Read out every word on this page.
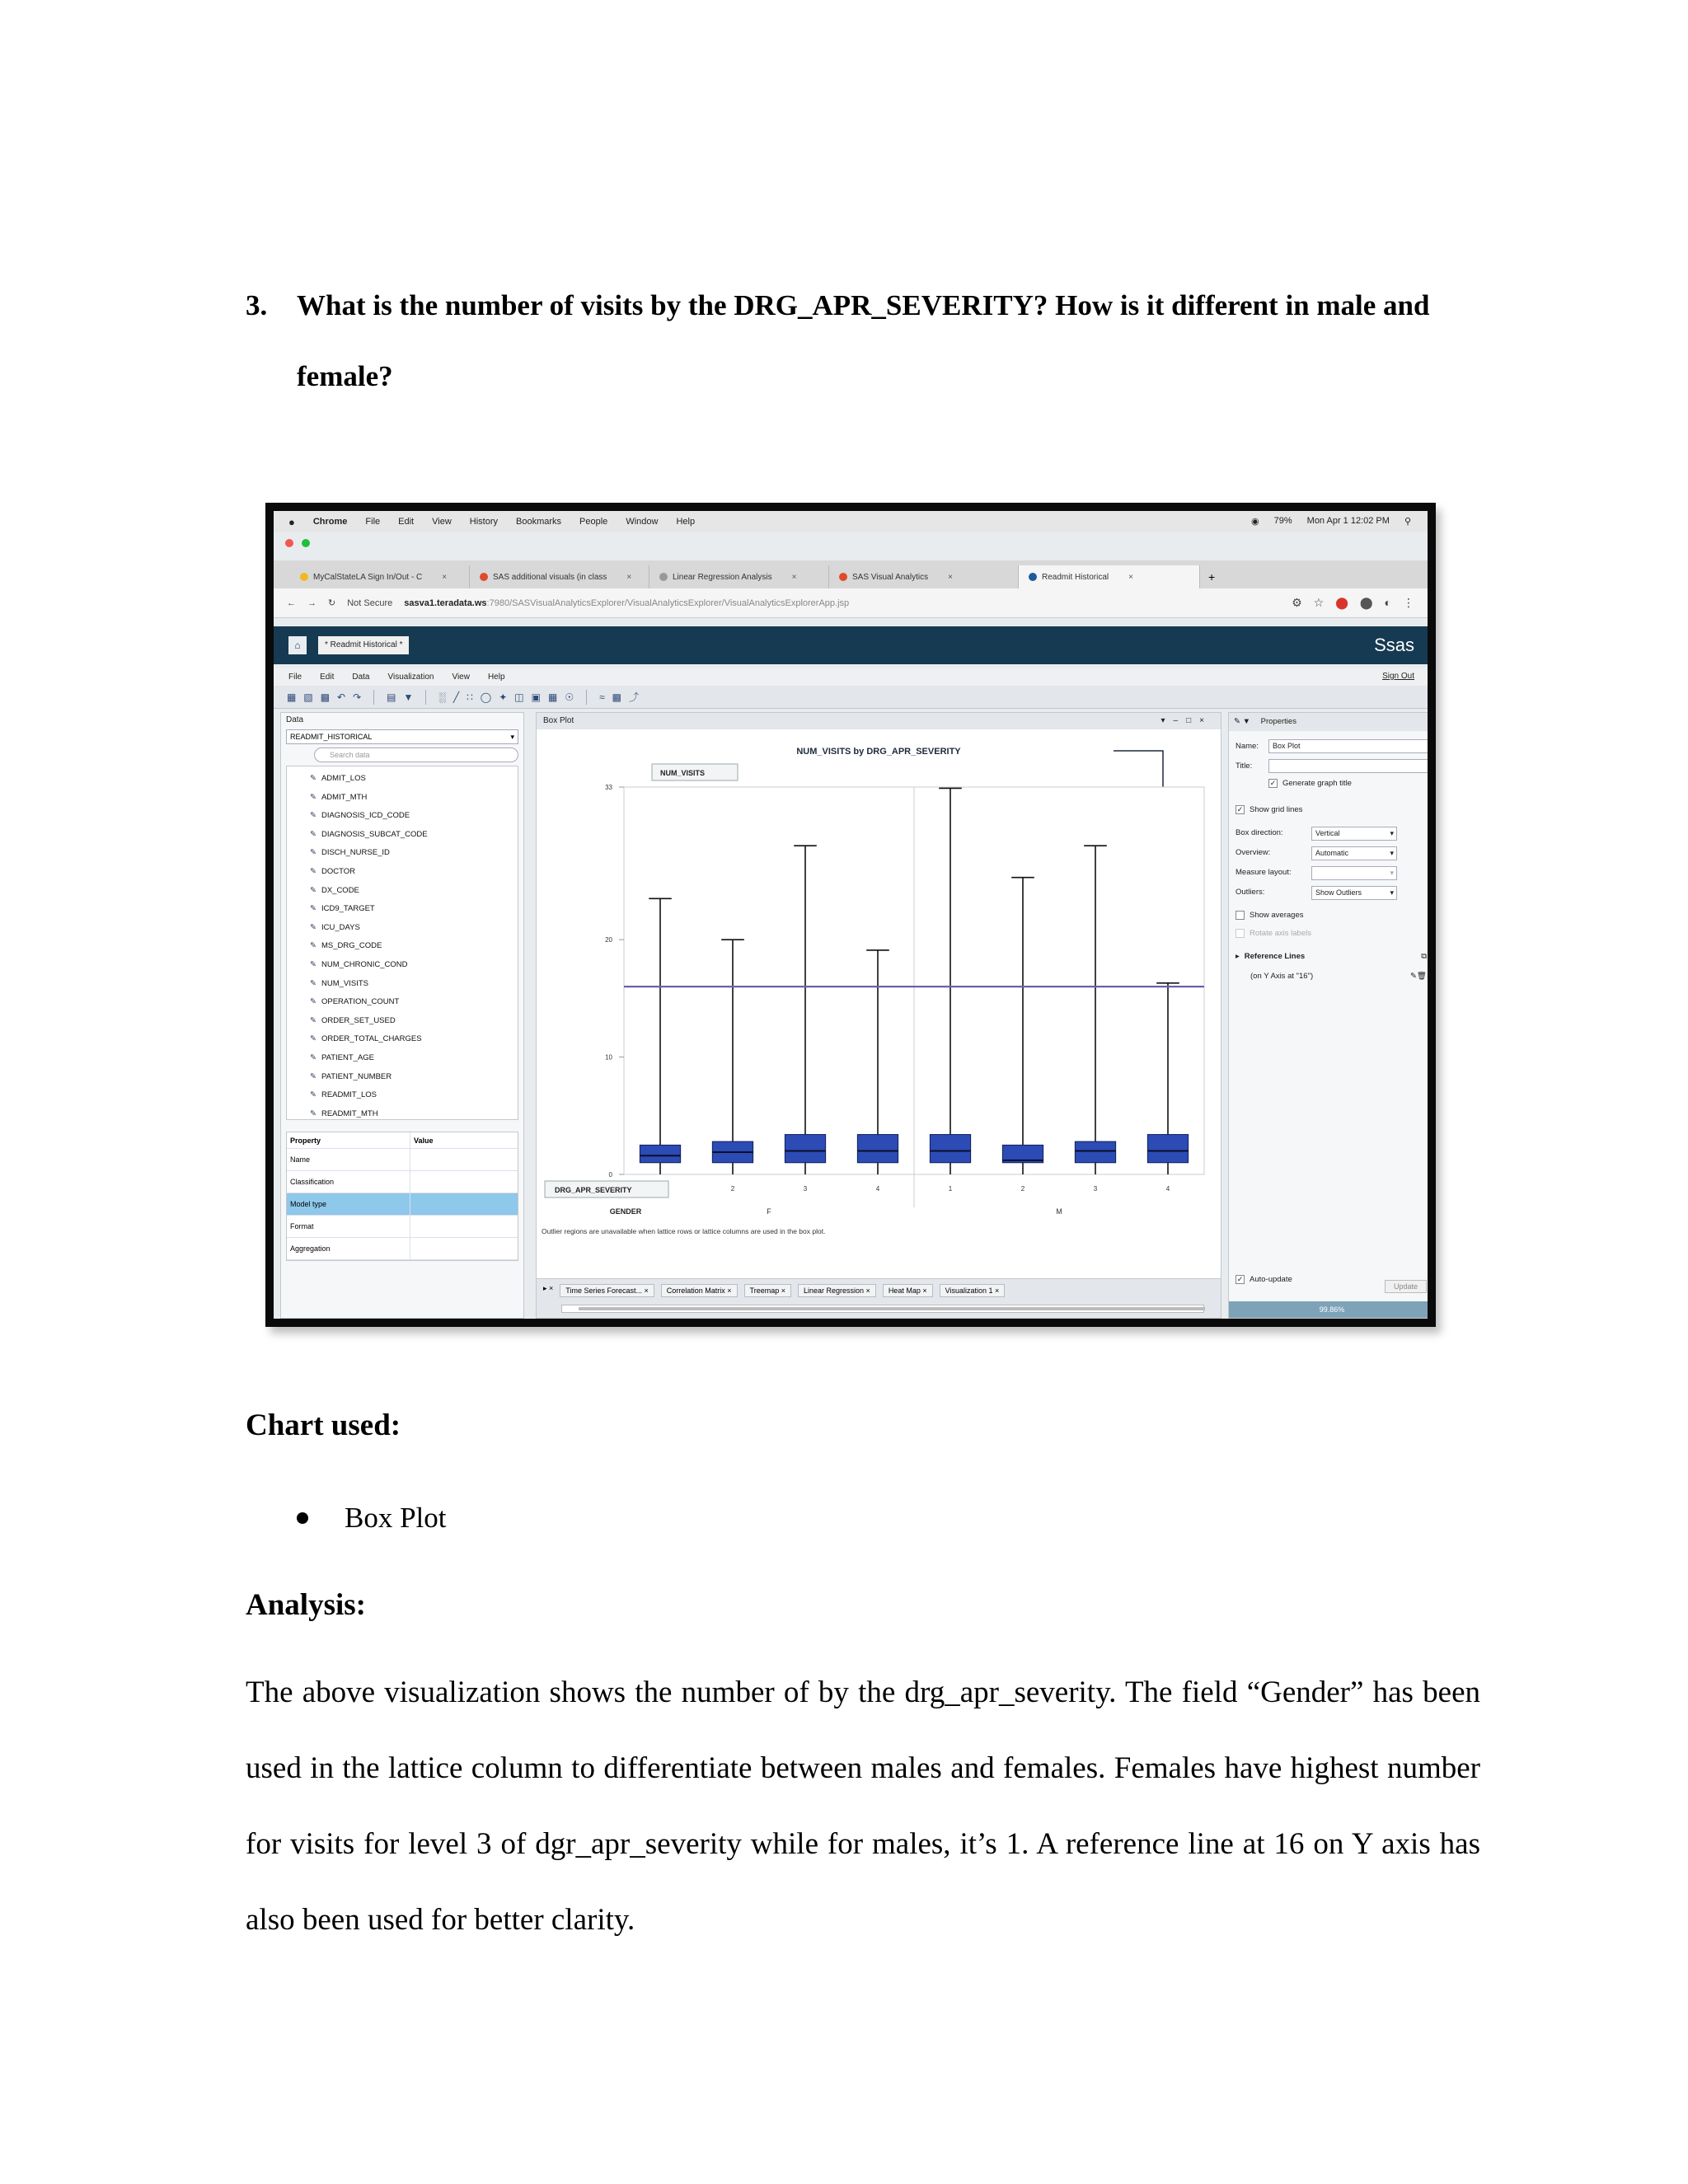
3. What is the number of visits by the DRG_APR_SEVERITY? How is it different in male and female?
● Chrome File Edit View History Bookmarks People Window Help	◉ 79% Mon Apr 1 12:02 PM ⚲
MyCalStateLA Sign In/Out - C ×	SAS additional visuals (in class ×	Linear Regression Analysis ×	SAS Visual Analytics ×	Readmit Historical ×	+
← → ↻ Not Secure sasva1.teradata.ws:7980/SASVisualAnalyticsExplorer/VisualAnalyticsExplorer/VisualAnalyticsExplorerApp.jsp	⚙ ☆ ⬤ ⬤ ◐ ⋮
⌂	* Readmit Historical *	Ssas
File Edit Data Visualization View Help	Sign Out
▦ ▧ ▩ ↶ ↷	▤ ▼	░ ╱ ∷ ◯ ✦ ◫ ▣ ▦ ☉	≈ ▩ ⤴
Data
READMIT_HISTORICAL	▾
Search data
✎ ADMIT_LOS
✎ ADMIT_MTH
✎ DIAGNOSIS_ICD_CODE
✎ DIAGNOSIS_SUBCAT_CODE
✎ DISCH_NURSE_ID
✎ DOCTOR
✎ DX_CODE
✎ ICD9_TARGET
✎ ICU_DAYS
✎ MS_DRG_CODE
✎ NUM_CHRONIC_COND
✎ NUM_VISITS
✎ OPERATION_COUNT
✎ ORDER_SET_USED
✎ ORDER_TOTAL_CHARGES
✎ PATIENT_AGE
✎ PATIENT_NUMBER
✎ READMIT_LOS
✎ READMIT_MTH
Property	Value
Name
Classification
Model type
Format
Aggregation
Box Plot	▾–□×
NUM_VISITS by DRG_APR_SEVERITY
NUM_VISITS
0
10
20
33
F
2	3	4
M
1	2	3	4
DRG_APR_SEVERITY
GENDER
Outlier regions are unavailable when lattice rows or lattice columns are used in the box plot.
▸ ×	Time Series Forecast... ×	Correlation Matrix ×	Treemap ×	Linear Regression ×	Heat Map ×	Visualization 1 ×
✎ ▼ Properties
Name:	Box Plot
Title:
✓ Generate graph title
✓ Show grid lines
Box direction:	Vertical ▾
Overview:	Automatic ▾
Measure layout:
▾
Outliers:	Show Outliers ▾
Show averages
Rotate axis labels
▸ Reference Lines	⧉
(on Y Axis at "16")	✎🗑
✓ Auto-update
Update
99.86%
Chart used:
Box Plot
Analysis:
The above visualization shows the number of by the drg_apr_severity. The field “Gender” has been used in the lattice column to differentiate between males and females. Females have highest number for visits for level 3 of dgr_apr_severity while for males, it’s 1. A reference line at 16 on Y axis has also been used for better clarity.
